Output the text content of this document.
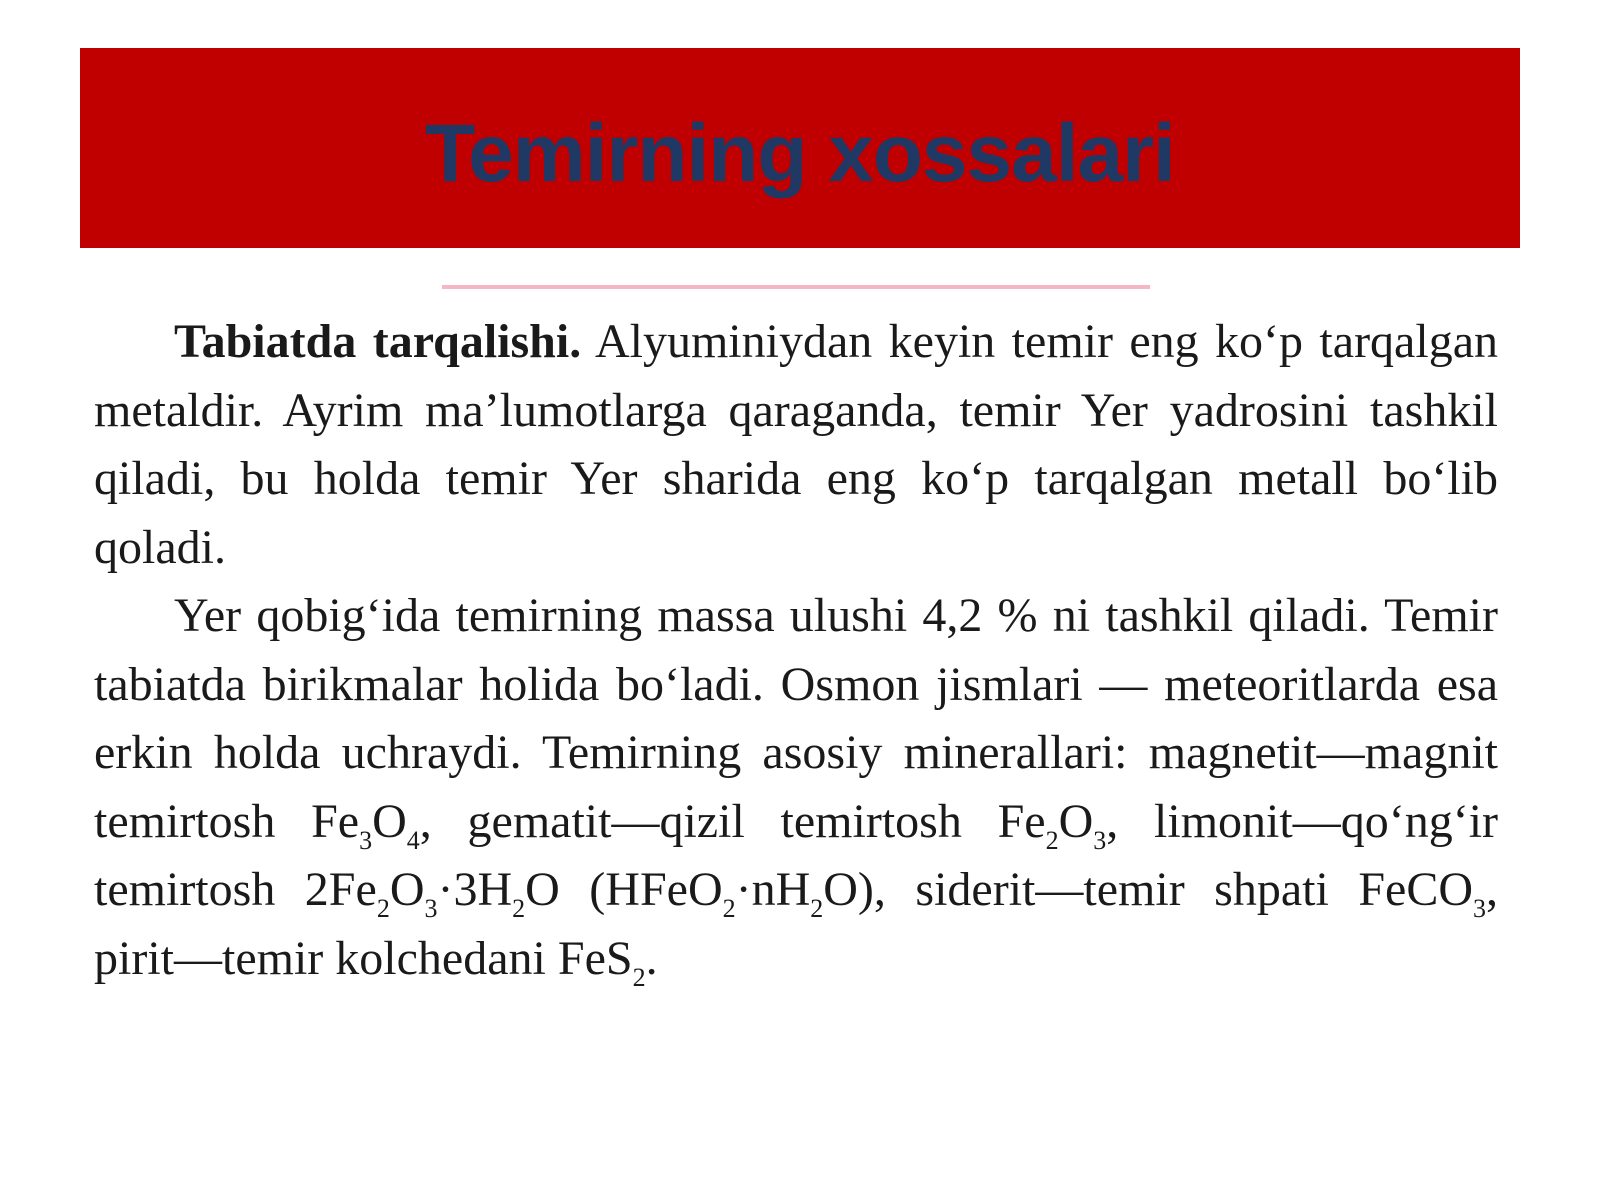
Temirning xossalari

Tabiatda tarqalishi. Alyuminiydan keyin temir eng ko‘p tarqalgan metaldir. Ayrim ma’lumotlarga qaraganda, temir Yer yadrosini tashkil qiladi, bu holda temir Yer sharida eng ko‘p tarqalgan metall bo‘lib qoladi.

Yer qobig‘ida temirning massa ulushi 4,2 % ni tashkil qiladi. Temir tabiatda birikmalar holida bo‘ladi. Osmon jismlari — meteoritlarda esa erkin holda uchraydi. Temirning asosiy minerallari: magnetit—magnit temirtosh $Fe_3O_4$, gematit—qizil temirtosh $Fe_2O_3$, limonit—qo‘ng‘ir temirtosh $2Fe_2O_3\cdot 3H_2O$ $(HFeO_2\cdot nH_2O)$, siderit—temir shpati FeCO$_3$, pirit—temir kolchedani FeS$_2$.
